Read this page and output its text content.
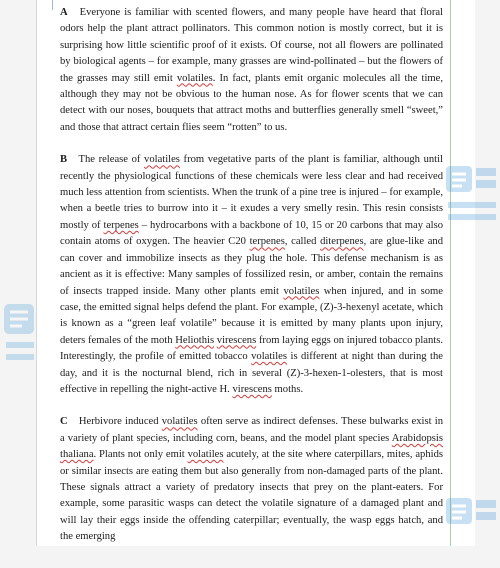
A Everyone is familiar with scented flowers, and many people have heard that floral odors help the plant attract pollinators. This common notion is mostly correct, but it is surprising how little scientific proof of it exists. Of course, not all flowers are pollinated by biological agents – for example, many grasses are wind-pollinated – but the flowers of the grasses may still emit volatiles. In fact, plants emit organic molecules all the time, although they may not be obvious to the human nose. As for flower scents that we can detect with our noses, bouquets that attract moths and butterflies generally smell “sweet,” and those that attract certain flies seem “rotten” to us.

B The release of volatiles from vegetative parts of the plant is familiar, although until recently the physiological functions of these chemicals were less clear and had received much less attention from scientists. When the trunk of a pine tree is injured – for example, when a beetle tries to burrow into it – it exudes a very smelly resin. This resin consists mostly of terpenes – hydrocarbons with a backbone of 10, 15 or 20 carbons that may also contain atoms of oxygen. The heavier C20 terpenes, called diterpenes, are glue-like and can cover and immobilize insects as they plug the hole. This defense mechanism is as ancient as it is effective: Many samples of fossilized resin, or amber, contain the remains of insects trapped inside. Many other plants emit volatiles when injured, and in some case, the emitted signal helps defend the plant. For example, (Z)-3-hexenyl acetate, which is known as a “green leaf volatile” because it is emitted by many plants upon injury, deters females of the moth Heliothis virescens from laying eggs on injured tobacco plants. Interestingly, the profile of emitted tobacco volatiles is different at night than during the day, and it is the nocturnal blend, rich in several (Z)-3-hexen-1-olesters, that is most effective in repelling the night-active H. virescens moths.

C Herbivore induced volatiles often serve as indirect defenses. These bulwarks exist in a variety of plant species, including corn, beans, and the model plant species Arabidopsis thaliana. Plants not only emit volatiles acutely, at the site where caterpillars, mites, aphids or similar insects are eating them but also generally from non-damaged parts of the plant. These signals attract a variety of predatory insects that prey on the plant-eaters. For example, some parasitic wasps can detect the volatile signature of a damaged plant and will lay their eggs inside the offending caterpillar; eventually, the wasp eggs hatch, and the emerging
